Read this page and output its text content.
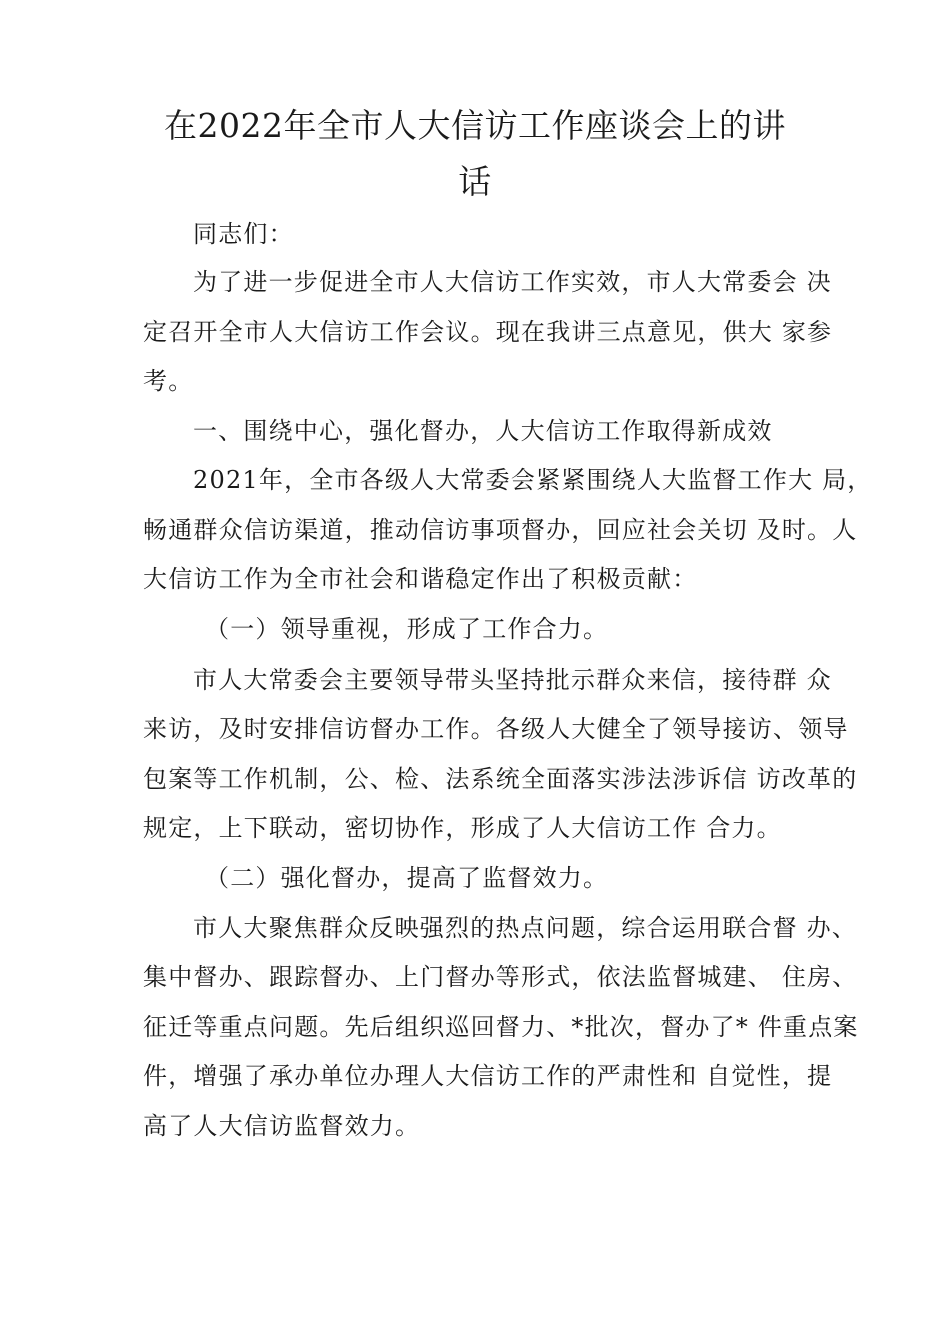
在2022年全市人大信访工作座谈会上的讲
话
同志们：
为了进一步促进全市人大信访工作实效，市人大常委会 决
定召开全市人大信访工作会议。现在我讲三点意见，供大 家参
考。
一、围绕中心，强化督办，人大信访工作取得新成效
2021年，全市各级人大常委会紧紧围绕人大监督工作大 局，
畅通群众信访渠道，推动信访事项督办，回应社会关切 及时。人
大信访工作为全市社会和谐稳定作出了积极贡献：
（一）领导重视，形成了工作合力。
市人大常委会主要领导带头坚持批示群众来信，接待群 众
来访，及时安排信访督办工作。各级人大健全了领导接访、领导
包案等工作机制，公、检、法系统全面落实涉法涉诉信 访改革的
规定，上下联动，密切协作，形成了人大信访工作 合力。
（二）强化督办，提高了监督效力。
市人大聚焦群众反映强烈的热点问题，综合运用联合督 办、
集中督办、跟踪督办、上门督办等形式，依法监督城建、 住房、
征迁等重点问题。先后组织巡回督力、*批次，督办了* 件重点案
件，增强了承办单位办理人大信访工作的严肃性和 自觉性，提
高了人大信访监督效力。
